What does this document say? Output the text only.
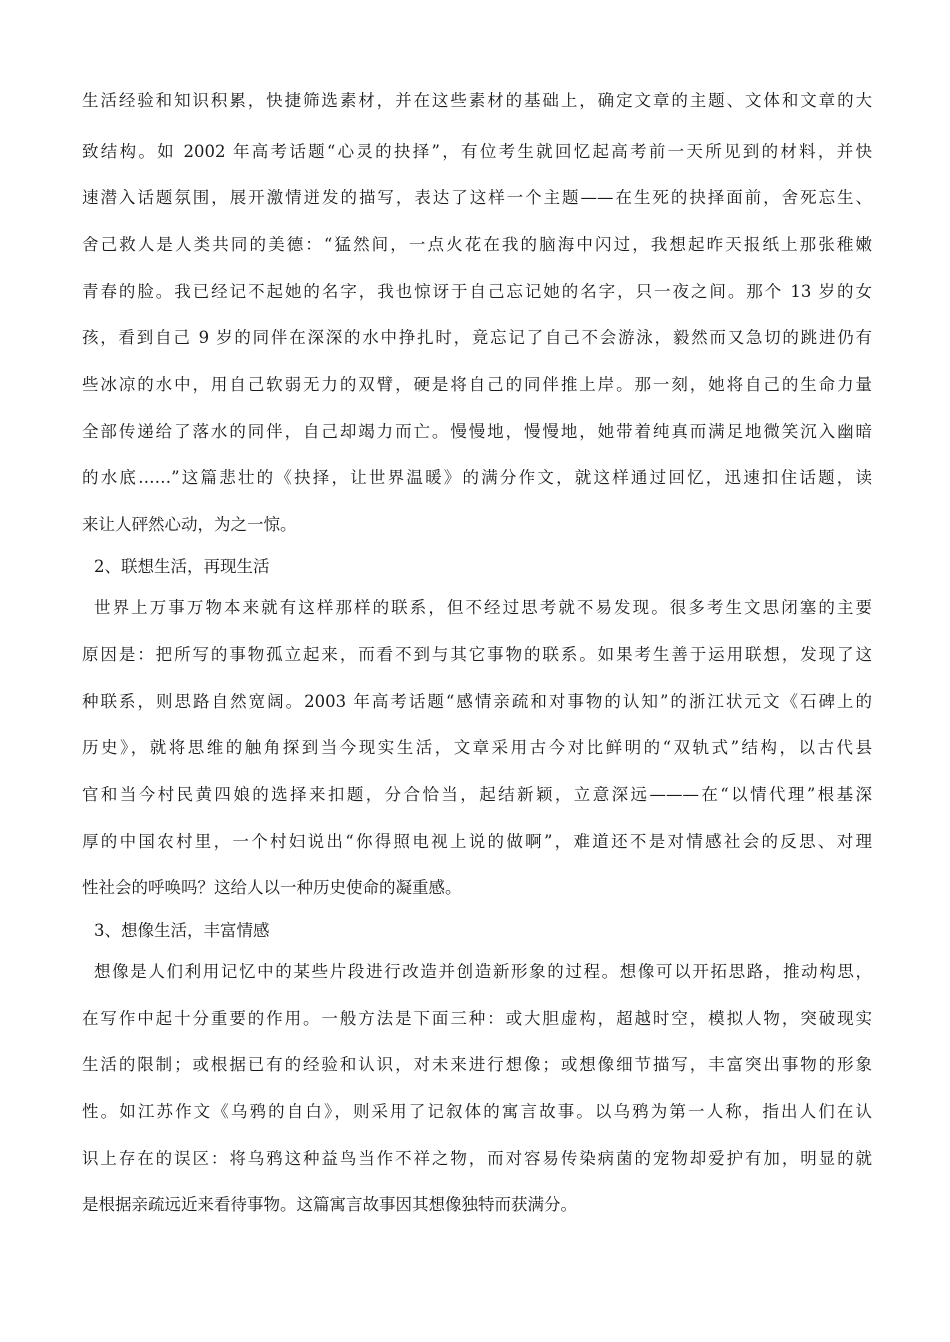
生活经验和知识积累，快捷筛选素材，并在这些素材的基础上，确定文章的主题、文体和文章的大
致结构。如 2002 年高考话题“心灵的抉择”，有位考生就回忆起高考前一天所见到的材料，并快
速潜入话题氛围，展开激情迸发的描写，表达了这样一个主题——在生死的抉择面前，舍死忘生、
舍己救人是人类共同的美德：“猛然间，一点火花在我的脑海中闪过，我想起昨天报纸上那张稚嫩
青春的脸。我已经记不起她的名字，我也惊讶于自己忘记她的名字，只一夜之间。那个 13 岁的女
孩，看到自己 9 岁的同伴在深深的水中挣扎时，竟忘记了自己不会游泳，毅然而又急切的跳进仍有
些冰凉的水中，用自己软弱无力的双臂，硬是将自己的同伴推上岸。那一刻，她将自己的生命力量
全部传递给了落水的同伴，自己却竭力而亡。慢慢地，慢慢地，她带着纯真而满足地微笑沉入幽暗
的水底……”这篇悲壮的《抉择，让世界温暖》的满分作文，就这样通过回忆，迅速扣住话题，读
来让人砰然心动，为之一惊。
2、联想生活，再现生活
世界上万事万物本来就有这样那样的联系，但不经过思考就不易发现。很多考生文思闭塞的主要
原因是：把所写的事物孤立起来，而看不到与其它事物的联系。如果考生善于运用联想，发现了这
种联系，则思路自然宽阔。2003 年高考话题“感情亲疏和对事物的认知”的浙江状元文《石碑上的
历史》，就将思维的触角探到当今现实生活，文章采用古今对比鲜明的“双轨式”结构，以古代县
官和当今村民黄四娘的选择来扣题，分合恰当，起结新颖，立意深远———在“以情代理”根基深
厚的中国农村里，一个村妇说出“你得照电视上说的做啊”，难道还不是对情感社会的反思、对理
性社会的呼唤吗？这给人以一种历史使命的凝重感。
3、想像生活，丰富情感
想像是人们利用记忆中的某些片段进行改造并创造新形象的过程。想像可以开拓思路，推动构思，
在写作中起十分重要的作用。一般方法是下面三种：或大胆虚构，超越时空，模拟人物，突破现实
生活的限制；或根据已有的经验和认识，对未来进行想像；或想像细节描写，丰富突出事物的形象
性。如江苏作文《乌鸦的自白》，则采用了记叙体的寓言故事。以乌鸦为第一人称，指出人们在认
识上存在的误区：将乌鸦这种益鸟当作不祥之物，而对容易传染病菌的宠物却爱护有加，明显的就
是根据亲疏远近来看待事物。这篇寓言故事因其想像独特而获满分。
